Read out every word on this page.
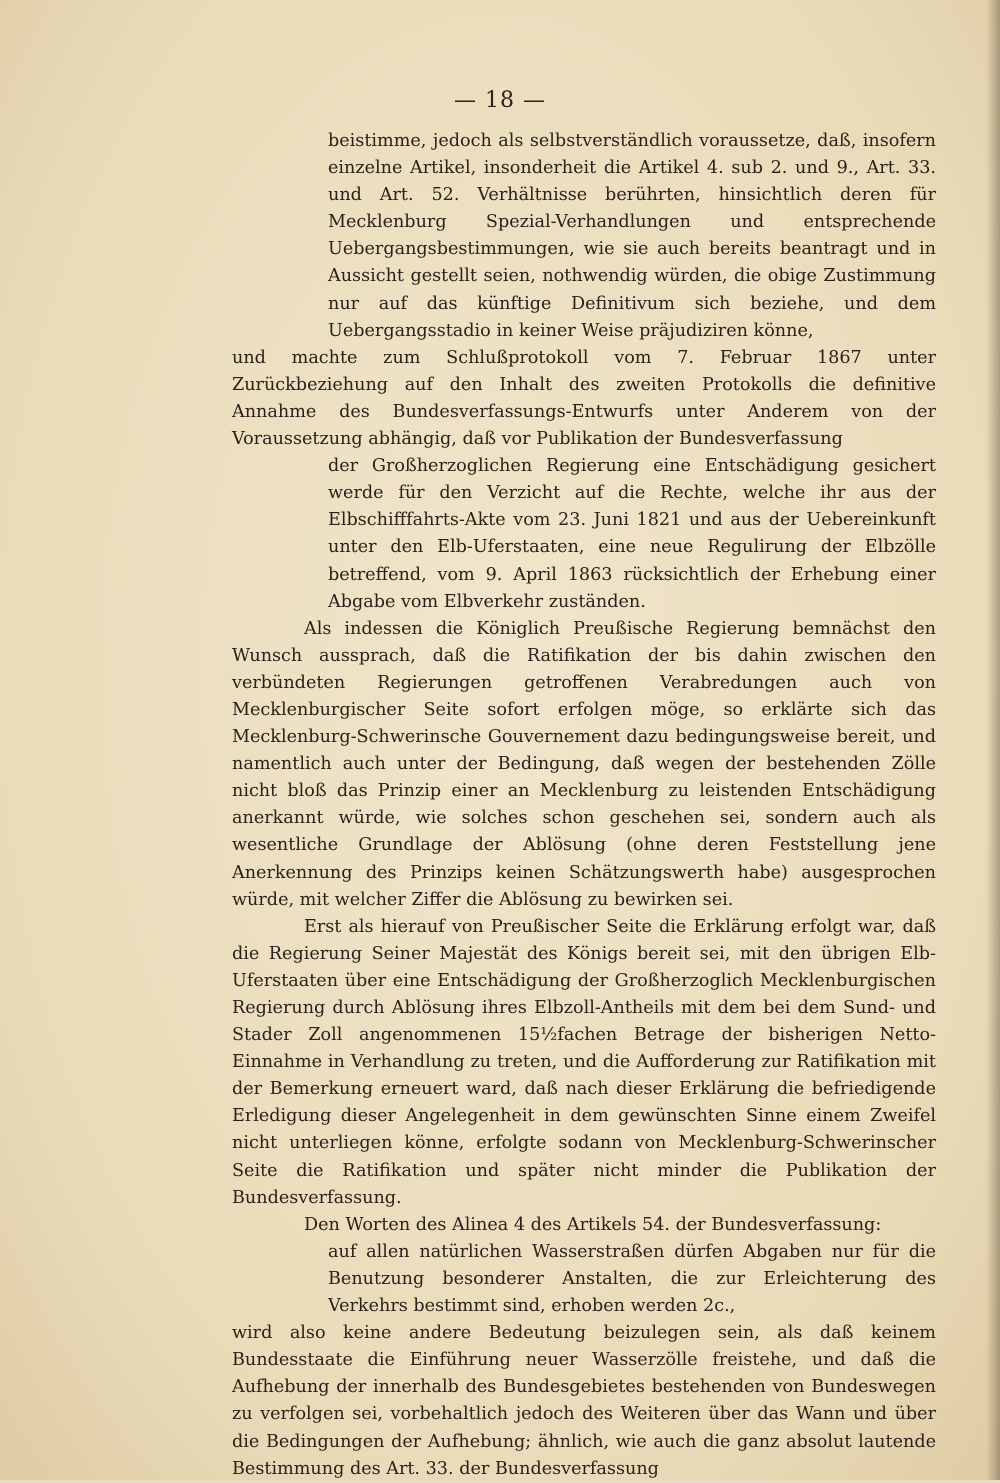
— 18 —

beistimme, jedoch als selbstverständlich voraussetze, daß, insofern einzelne Artikel, insonderheit die Artikel 4. sub 2. und 9., Art. 33. und Art. 52. Verhältnisse berührten, hinsichtlich deren für Mecklenburg Spezial-Verhandlungen und entsprechende Uebergangsbestimmungen, wie sie auch bereits beantragt und in Aussicht gestellt seien, nothwendig würden, die obige Zustimmung nur auf das künftige Definitivum sich beziehe, und dem Uebergangsstadio in keiner Weise präjudiziren könne,

und machte zum Schlußprotokoll vom 7. Februar 1867 unter Zurückbeziehung auf den Inhalt des zweiten Protokolls die definitive Annahme des Bundesverfassungs-Entwurfs unter Anderem von der Voraussetzung abhängig, daß vor Publikation der Bundesverfassung

der Großherzoglichen Regierung eine Entschädigung gesichert werde für den Verzicht auf die Rechte, welche ihr aus der Elbschifffahrts-Akte vom 23. Juni 1821 und aus der Uebereinkunft unter den Elb-Uferstaaten, eine neue Regulirung der Elbzölle betreffend, vom 9. April 1863 rücksichtlich der Erhebung einer Abgabe vom Elbverkehr zuständen.

Als indessen die Königlich Preußische Regierung bemnächst den Wunsch aussprach, daß die Ratifikation der bis dahin zwischen den verbündeten Regierungen getroffenen Verabredungen auch von Mecklenburgischer Seite sofort erfolgen möge, so erklärte sich das Mecklenburg-Schwerinsche Gouvernement dazu bedingungsweise bereit, und namentlich auch unter der Bedingung, daß wegen der bestehenden Zölle nicht bloß das Prinzip einer an Mecklenburg zu leistenden Entschädigung anerkannt würde, wie solches schon geschehen sei, sondern auch als wesentliche Grundlage der Ablösung (ohne deren Feststellung jene Anerkennung des Prinzips keinen Schätzungswerth habe) ausgesprochen würde, mit welcher Ziffer die Ablösung zu bewirken sei.

Erst als hierauf von Preußischer Seite die Erklärung erfolgt war, daß die Regierung Seiner Majestät des Königs bereit sei, mit den übrigen Elb-Uferstaaten über eine Entschädigung der Großherzoglich Mecklenburgischen Regierung durch Ablösung ihres Elbzoll-Antheils mit dem bei dem Sund- und Stader Zoll angenommenen 15½fachen Betrage der bisherigen Netto-Einnahme in Verhandlung zu treten, und die Aufforderung zur Ratifikation mit der Bemerkung erneuert ward, daß nach dieser Erklärung die befriedigende Erledigung dieser Angelegenheit in dem gewünschten Sinne einem Zweifel nicht unterliegen könne, erfolgte sodann von Mecklenburg-Schwerinscher Seite die Ratifikation und später nicht minder die Publikation der Bundesverfassung.

Den Worten des Alinea 4 des Artikels 54. der Bundesverfassung:

auf allen natürlichen Wasserstraßen dürfen Abgaben nur für die Benutzung besonderer Anstalten, die zur Erleichterung des Verkehrs bestimmt sind, erhoben werden 2c.,

wird also keine andere Bedeutung beizulegen sein, als daß keinem Bundesstaate die Einführung neuer Wasserzölle freistehe, und daß die Aufhebung der innerhalb des Bundesgebietes bestehenden von Bundeswegen zu verfolgen sei, vorbehaltlich jedoch des Weiteren über das Wann und über die Bedingungen der Aufhebung; ähnlich, wie auch die ganz absolut lautende Bestimmung des Art. 33. der Bundesverfassung
